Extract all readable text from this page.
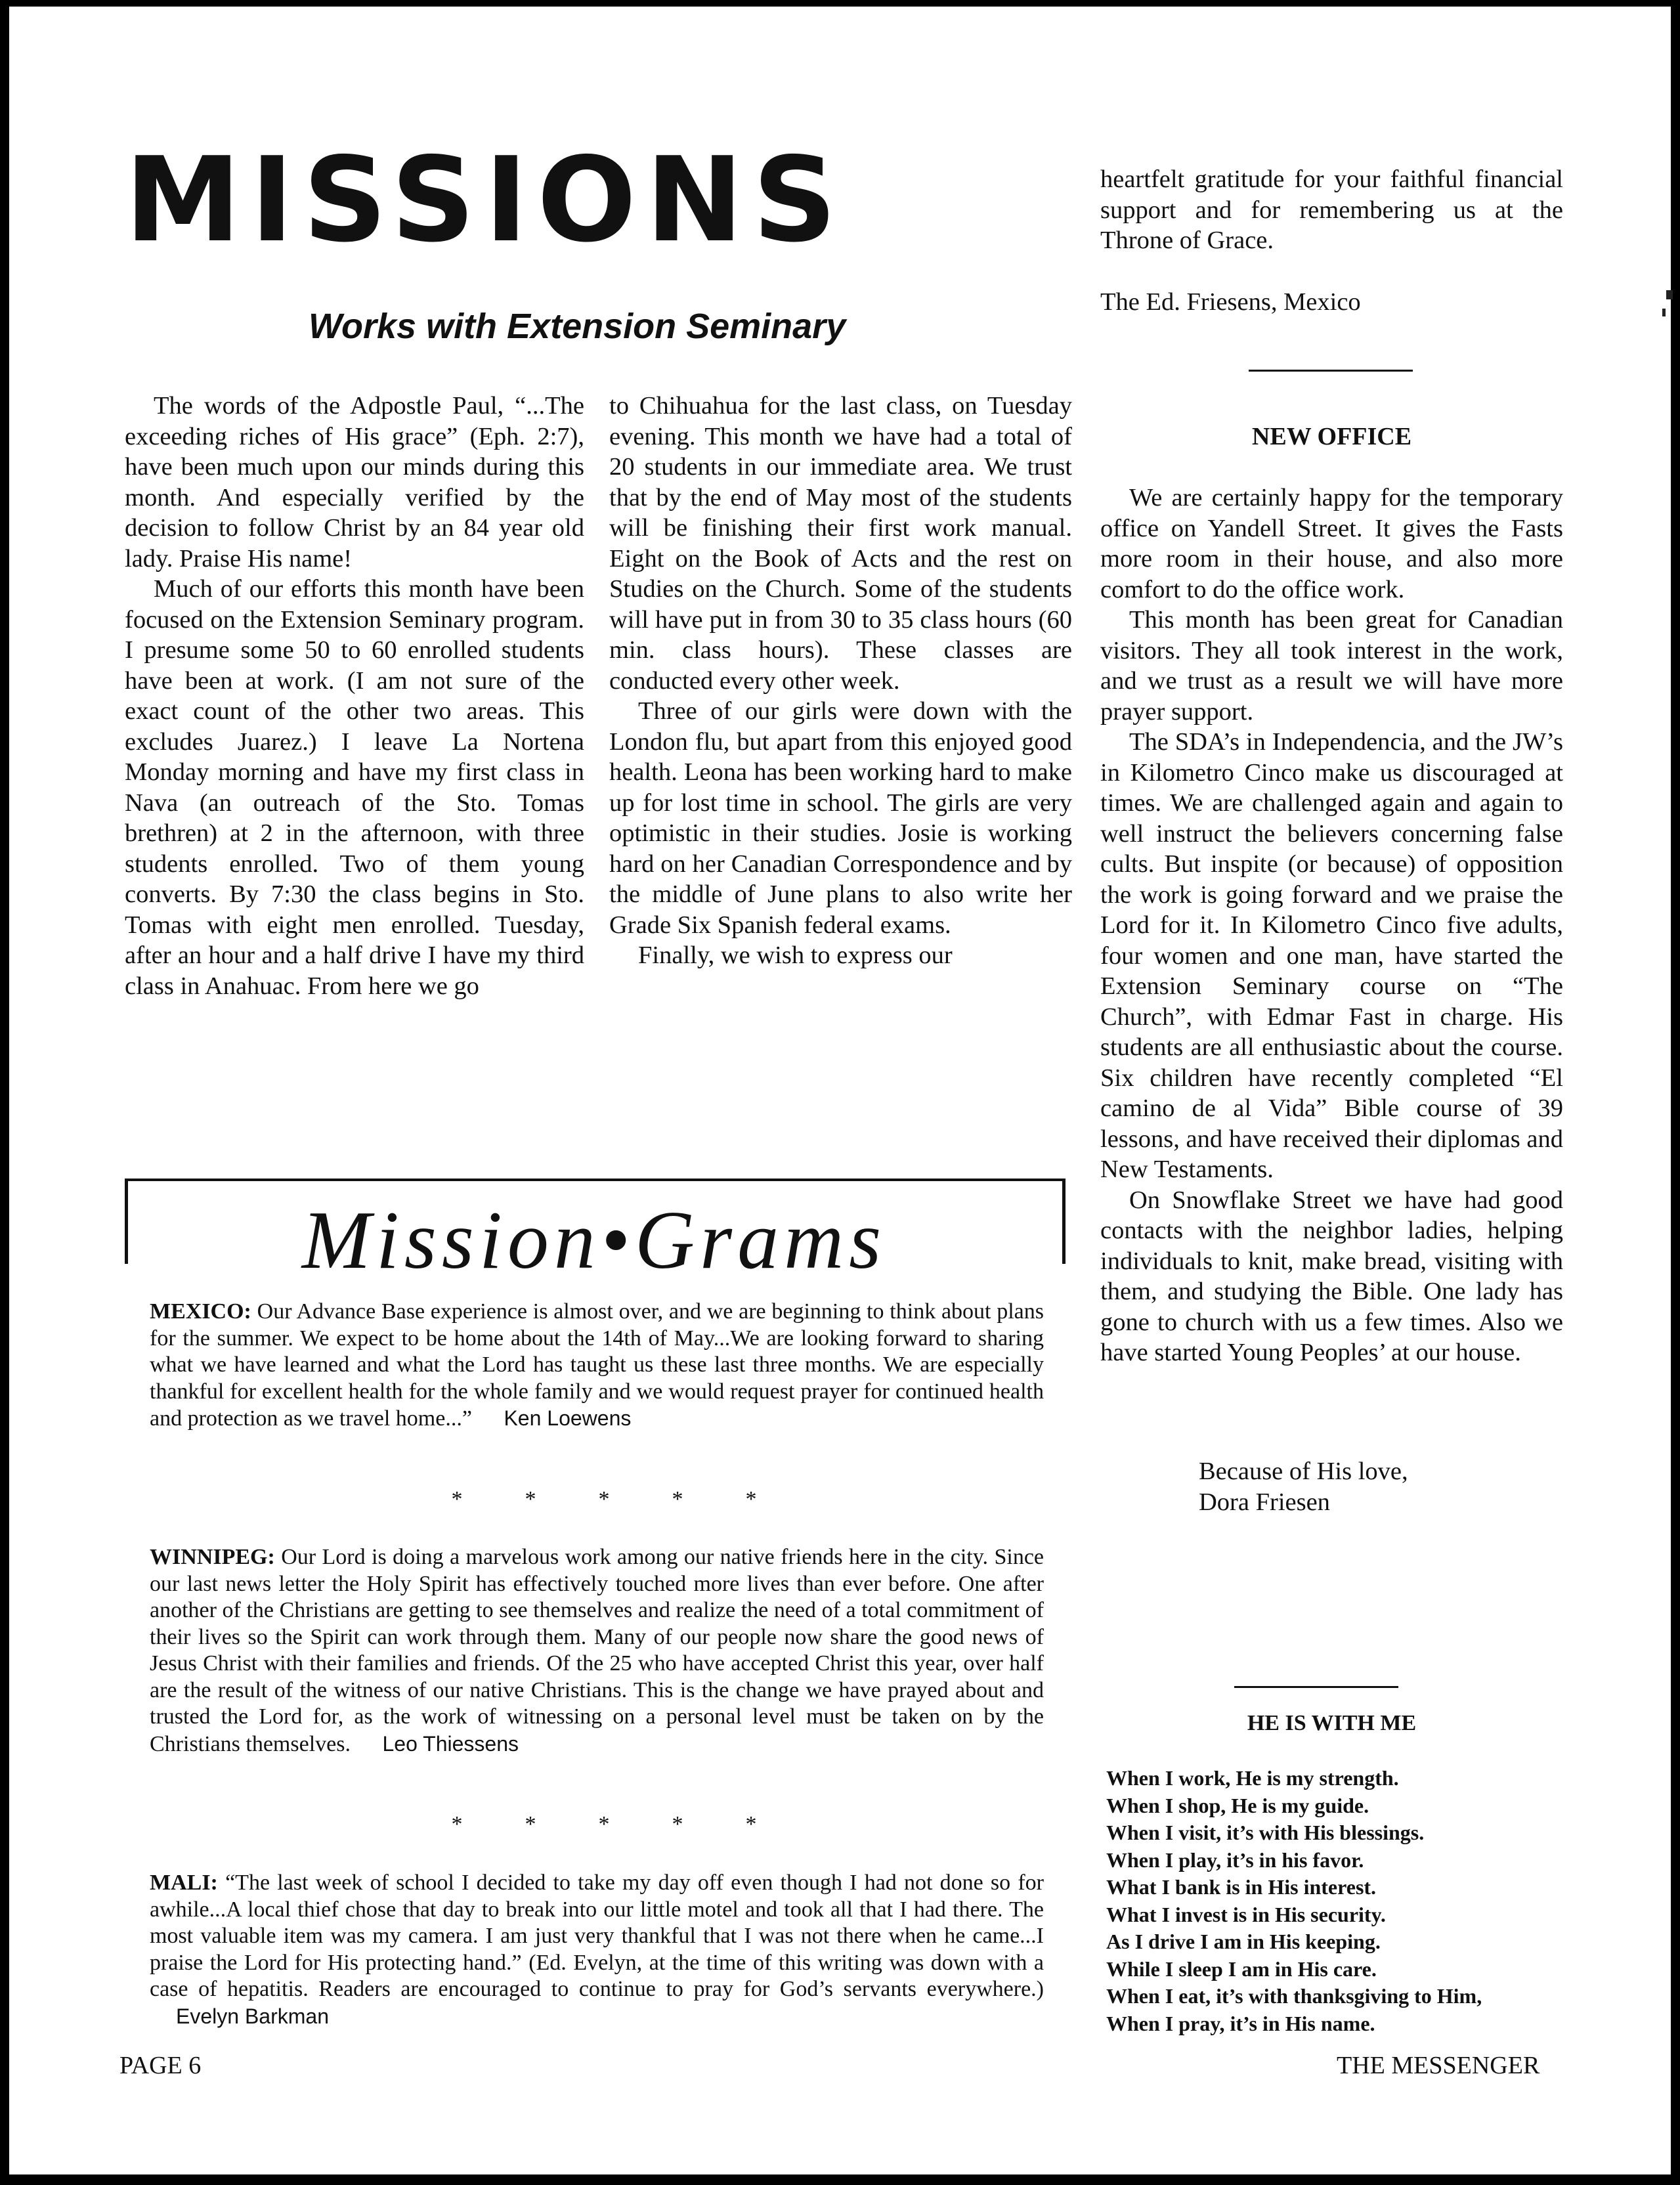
MISSIONS
Works with Extension Seminary

The words of the Adpostle Paul, “...The exceeding riches of His grace” (Eph. 2:7), have been much upon our minds during this month. And especially verified by the decision to follow Christ by an 84 year old lady. Praise His name!

Much of our efforts this month have been focused on the Extension Seminary program. I presume some 50 to 60 enrolled students have been at work. (I am not sure of the exact count of the other two areas. This excludes Juarez.) I leave La Nortena Monday morning and have my first class in Nava (an outreach of the Sto. Tomas brethren) at 2 in the afternoon, with three students enrolled. Two of them young converts. By 7:30 the class begins in Sto. Tomas with eight men enrolled. Tuesday, after an hour and a half drive I have my third class in Anahuac. From here we go

to Chihuahua for the last class, on Tuesday evening. This month we have had a total of 20 students in our immediate area. We trust that by the end of May most of the students will be finishing their first work manual. Eight on the Book of Acts and the rest on Studies on the Church. Some of the students will have put in from 30 to 35 class hours (60 min. class hours). These classes are conducted every other week.

Three of our girls were down with the London flu, but apart from this enjoyed good health. Leona has been working hard to make up for lost time in school. The girls are very optimistic in their studies. Josie is working hard on her Canadian Correspondence and by the middle of June plans to also write her Grade Six Spanish federal exams.

Finally, we wish to express our

heartfelt gratitude for your faithful financial support and for remembering us at the Throne of Grace.

The Ed. Friesens, Mexico

NEW OFFICE

We are certainly happy for the temporary office on Yandell Street. It gives the Fasts more room in their house, and also more comfort to do the office work.

This month has been great for Canadian visitors. They all took interest in the work, and we trust as a result we will have more prayer support.

The SDA’s in Independencia, and the JW’s in Kilometro Cinco make us discouraged at times. We are challenged again and again to well instruct the believers concerning false cults. But inspite (or because) of opposition the work is going forward and we praise the Lord for it. In Kilometro Cinco five adults, four women and one man, have started the Extension Seminary course on “The Church”, with Edmar Fast in charge. His students are all enthusiastic about the course. Six children have recently completed “El camino de al Vida” Bible course of 39 lessons, and have received their diplomas and New Testaments.

On Snowflake Street we have had good contacts with the neighbor ladies, helping individuals to knit, make bread, visiting with them, and studying the Bible. One lady has gone to church with us a few times. Also we have started Young Peoples’ at our house.

Because of His love,
Dora Friesen
HE IS WITH ME
When I work, He is my strength.
When I shop, He is my guide.
When I visit, it’s with His blessings.
When I play, it’s in his favor.
What I bank is in His interest.
What I invest is in His security.
As I drive I am in His keeping.
While I sleep I am in His care.
When I eat, it’s with thanksgiving to Him,
When I pray, it’s in His name.
Mission•Grams
MEXICO: Our Advance Base experience is almost over, and we are beginning to think about plans for the summer. We expect to be home about the 14th of May...We are looking forward to sharing what we have learned and what the Lord has taught us these last three months. We are especially thankful for excellent health for the whole family and we would request prayer for continued health and protection as we travel home...” Ken Loewens
*	*	*	*	*
WINNIPEG: Our Lord is doing a marvelous work among our native friends here in the city. Since our last news letter the Holy Spirit has effectively touched more lives than ever before. One after another of the Christians are getting to see themselves and realize the need of a total commitment of their lives so the Spirit can work through them. Many of our people now share the good news of Jesus Christ with their families and friends. Of the 25 who have accepted Christ this year, over half are the result of the witness of our native Christians. This is the change we have prayed about and trusted the Lord for, as the work of witnessing on a personal level must be taken on by the Christians themselves. Leo Thiessens
*	*	*	*	*
MALI: “The last week of school I decided to take my day off even though I had not done so for awhile...A local thief chose that day to break into our little motel and took all that I had there. The most valuable item was my camera. I am just very thankful that I was not there when he came...I praise the Lord for His protecting hand.” (Ed. Evelyn, at the time of this writing was down with a case of hepatitis. Readers are encouraged to continue to pray for God’s servants everywhere.) Evelyn Barkman
PAGE 6	THE MESSENGER
